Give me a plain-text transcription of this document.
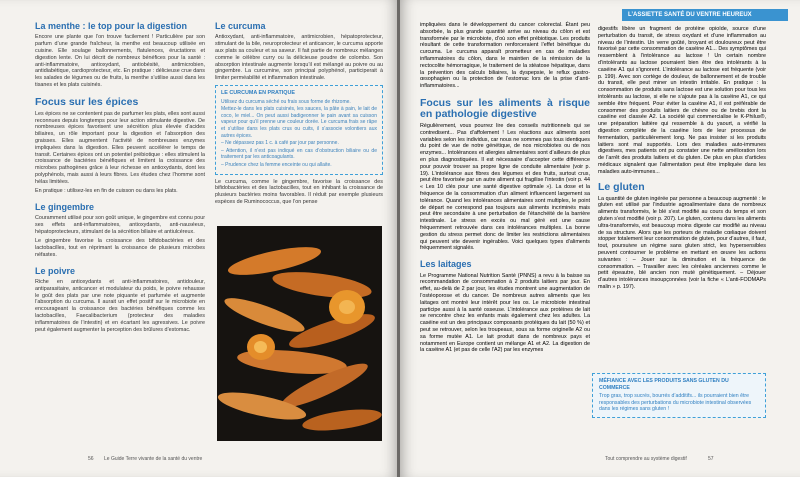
La menthe : le top pour la digestion

Encore une plante que l’on trouve facilement ! Particulière par son parfum d’une grande fraîcheur, la menthe est beaucoup utilisée en cuisine. Elle soulage ballonnements, flatulences, éructations et digestion lente. On lui décrit de nombreux bénéfices pour la santé : anti-inflammatoire, antioxydant, antiobésité, antimicrobien, antidiabétique, cardioprotecteur, etc. En pratique : délicieuse crue dans les salades de légumes ou de fruits, la menthe s’utilise aussi dans les tisanes et les plats cuisinés.

Focus sur les épices

Les épices ne se contentent pas de parfumer les plats, elles sont aussi reconnues depuis longtemps pour leur action stimulante digestive. De nombreuses épices favorisent une sécrétion plus élevée d’acides biliaires, un rôle important pour la digestion et l’absorption des graisses. Elles augmentent l’activité de nombreuses enzymes impliquées dans la digestion. Elles peuvent accélérer le temps de transit. Certaines épices ont un potentiel prébiotique : elles stimulent la croissance de bactéries bénéfiques et limitent la croissance des microbes pathogènes grâce à leur richesse en antioxydants, dont les polyphénols, mais aussi à leurs fibres. Les études chez l’homme sont hélas limitées.

En pratique : utilisez-les en fin de cuisson ou dans les plats.

Le gingembre

Couramment utilisé pour son goût unique, le gingembre est connu pour ses effets anti-inflammatoires, antioxydants, anti-nauséeux, hépatoprotecteurs, stimulant de la sécrétion biliaire et antiulcéreux.

Le gingembre favorise la croissance des bifidobactéries et des lactobacilles, tout en réprimant la croissance de plusieurs microbes néfastes.

Le poivre

Riche en antioxydants et anti-inflammatoires, antidouleur, antiparasitaire, anticancer et modulateur du poids, le poivre rehausse le goût des plats par une note piquante et parfumée et augmente l’absorption du curcuma. Il aurait un effet positif sur le microbiote en encourageant la croissance des bactéries bénéfiques comme les lactobacilles, Faecalibacterium (protecteur des maladies inflammatoires de l’intestin) et en écartant les agressives. Le poivre peut également augmenter la perception des brûlures d’estomac.

Le curcuma

Antioxydant, anti-inflammatoire, antimicrobien, hépatoprotecteur, stimulant de la bile, neuroprotecteur et anticancer, le curcuma apporte aux plats sa couleur et sa saveur. Il fait partie de nombreux mélanges comme le célèbre curry ou la délicieuse poudre de colombo. Son absorption intestinale augmente lorsqu’il est mélangé au poivre ou au gingembre. La curcumine, son principal polyphénol, participerait à limiter perméabilité et inflammation intestinale.

LE CURCUMA EN PRATIQUE
Utilisez du curcuma séché ou frais sous forme de rhizome.
Mettez-le dans les plats cuisinés, les sauces, la pâte à pain, le lait de coco, le miel... On peut aussi badigeonner le pain avant sa cuisson vapeur pour qu’il prenne une couleur dorée. Le curcuma frais se râpe et s’utilise dans les plats crus ou cuits, il s’associe volontiers aux autres épices.
– Ne dépassez pas 1 c. à café par jour par personne.
– Attention, il n’est pas indiqué en cas d’obstruction biliaire ou de traitement par les anticoagulants.
– Prudence chez la femme enceinte ou qui allaite.

Le curcuma, comme le gingembre, favorise la croissance des bifidobactéries et des lactobacilles, tout en inhibant la croissance de plusieurs bactéries moins favorables. Il réduit par exemple plusieurs espèces de Ruminococcus, que l’on pense

56 Le Guide Terre vivante de la santé du ventre
L’ASSIETTE SANTÉ DU VENTRE HEUREUX

impliquées dans le développement du cancer colorectal. Étant peu absorbée, la plus grande quantité arrive au niveau du côlon et est transformée par le microbiote, d’où son effet prébiotique. Les produits résultant de cette transformation renforceraient l’effet bénéfique du curcuma. Le curcuma apparaît prometteur en cas de maladies inflammatoires du côlon, dans le maintien de la rémission de la rectocolite hémorragique, le traitement de la stéatose hépatique, dans la prévention des calculs biliaires, la dyspepsie, le reflux gastro-œsophagien ou la protection de l’estomac lors de la prise d’anti-inflammatoires...

Focus sur les aliments à risque en pathologie digestive

Régulièrement, vous pourrez lire des conseils nutritionnels qui se contredisent... Pas d’affolement ! Les réactions aux aliments sont variables selon les individus, car nous ne sommes pas tous identiques du point de vue de notre génétique, de nos microbiotes ou de nos enzymes... Intolérances et allergies alimentaires sont d’ailleurs de plus en plus diagnostiquées. Il est nécessaire d’accepter cette différence pour pouvoir trouver sa propre ligne de conduite alimentaire (voir p. 19). L’intolérance aux fibres des légumes et des fruits, surtout crus, peut être favorisée par un autre aliment qui fragilise l’intestin (voir p. 44 « Les 10 clés pour une santé digestive optimale »). La dose et la fréquence de la consommation d’un aliment influencent largement sa tolérance. Quand les intolérances alimentaires sont multiples, le point de départ ne correspond pas toujours aux aliments incriminés mais peut être secondaire à une perturbation de l’étanchéité de la barrière intestinale. Le stress en excès ou mal géré est une cause fréquemment retrouvée dans ces intolérances multiples. La bonne gestion du stress permet donc de limiter les restrictions alimentaires qui peuvent vite devenir ingérables. Voici quelques types d’aliments fréquemment signalés.

Les laitages

Le Programme National Nutrition Santé (PNNS) a revu à la baisse sa recommandation de consommation à 2 produits laitiers par jour. En effet, au-delà de 2 par jour, les études montrent une augmentation de l’ostéoporose et du cancer. De nombreux autres aliments que les laitages ont montré leur intérêt pour les os. Le microbiote intestinal participe aussi à la santé osseuse. L’intolérance aux protéines de lait se rencontre chez les enfants mais également chez les adultes. La caséine est un des principaux composants protéiques du lait (50 %) et peut se retrouver, selon les troupeaux, sous sa forme originelle A2 ou sa forme mutée A1. Le lait produit dans de nombreux pays et notamment en Europe contient un mélange A1 et A2. La digestion de la caséine A1 (et pas de celle l’A2) par les enzymes

digestifs libère un fragment de protéine opioïde, source d’une perturbation du transit, de stress oxydant et d’une inflammation au niveau de l’intestin. Un verre goûté, broyant et douloureux peut être favorisé par cette consommation de caséine A1... Des symptômes qui ressemblent à l’intolérance au lactose ! Un certain nombre d’intolérants au lactose pourraient bien être des intolérants à la caséine A1 qui s’ignorent. L’intolérance au lactose est fréquente (voir p. 199). Avec son cortège de douleur, de ballonnement et de trouble du transit, elle peut miner un intestin irritable. En pratique : la consommation de produits sans lactose est une solution pour tous les intolérants au lactose, si elle ne s’ajoute pas à la caséine A1, ce qui semble être fréquent. Pour éviter la caséine A1, il est préférable de consommer des produits laitiers de chèvre ou de brebis dont la caséine est classée A2. La société qui commercialise le K-Philus®, une préparation laitière qui ressemble à du yaourt, a vérifié la digestion complète de la caséine lors de leur processus de fermentation, particulièrement long. Ne pas insister si les produits laitiers sont mal supportés. Lors des maladies auto-immunes digestives, mes patients ont pu constater une nette amélioration lors de l’arrêt des produits laitiers et du gluten. De plus en plus d’articles médicaux signalent que l’alimentation peut être impliquée dans les maladies auto-immunes...

Le gluten

La quantité de gluten ingérée par personne a beaucoup augmenté : le gluten est utilisé par l’industrie agroalimentaire dans de nombreux aliments transformés, le blé s’est modifié au cours du temps et son gluten s’est modifié (voir p. 207). Le gluten, contenu dans les aliments ultra-transformés, est beaucoup moins digeste car modifié au niveau de sa structure. Alors que les porteurs de maladie cœliaque doivent stopper totalement leur consommation de gluten, pour d’autres, il faut, tout, poursuivre un régime sans gluten strict, les hypersensibles peuvent contourner le problème en mettant en œuvre les actions suivantes : – Jouer sur la diminution et la fréquence de consommation. – Travailler avec les céréales anciennes comme le petit épeautre, blé ancien non muté génétiquement. – Déjouer d’autres intolérances insoupçonnées (voir la fiche « L’anti-FODMAPs malin » p. 197).

MÉFIANCE AVEC LES PRODUITS SANS GLUTEN DU COMMERCE
Trop gras, trop sucrés, bourrés d’additifs... ils pourraient bien être responsables des perturbations du microbiote intestinal observées dans les régimes sans gluten !
Tout comprendre au système digestif	57
